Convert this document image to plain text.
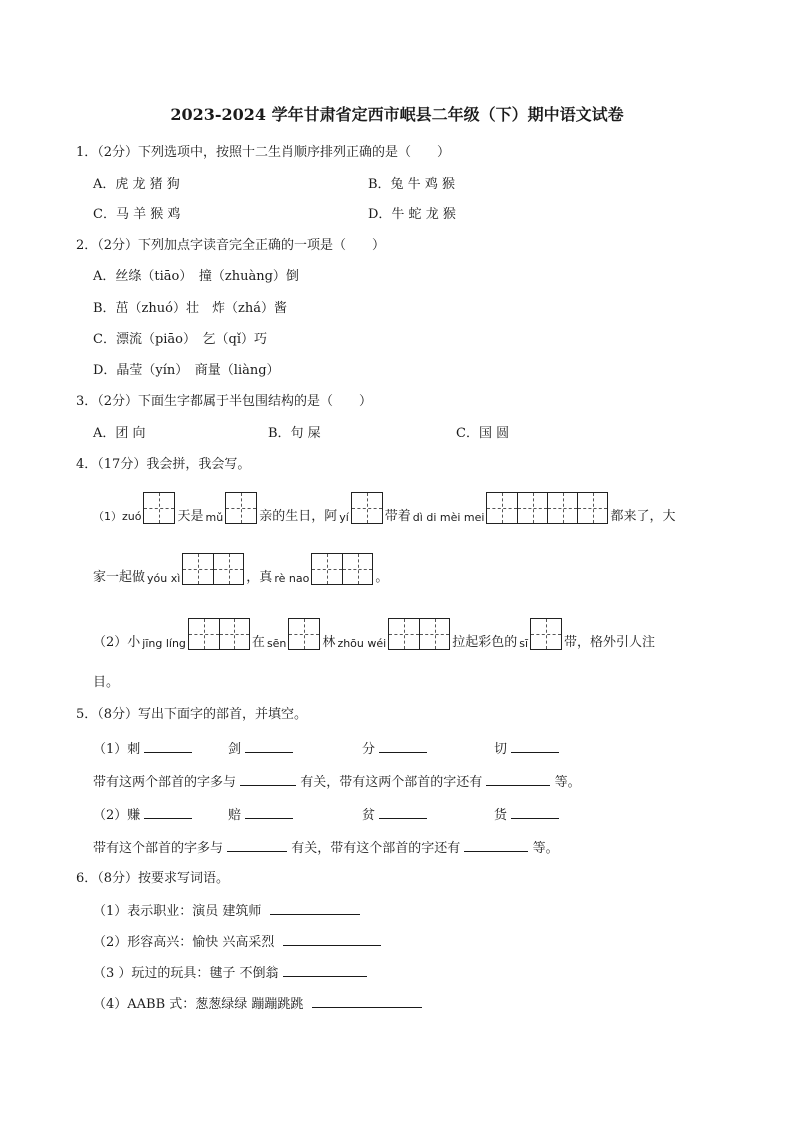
2023-2024 学年甘肃省定西市岷县二年级（下）期中语文试卷
1．（2分）下列选项中，按照十二生肖顺序排列正确的是（　　）
A．虎 龙 猪 狗	B．兔 牛 鸡 猴
C．马 羊 猴 鸡	D．牛 蛇 龙 猴
2．（2分）下列加点字读音完全正确的一项是（　　）
A．丝绦（tiāo）　撞（zhuàng）倒
B．茁（zhuó）壮　炸（zhá）酱
C．漂流（piāo）　乞（qǐ）巧
D．晶莹（yín）　商量（liàng）
3．（2分）下面生字都属于半包围结构的是（　　）
A．团 向	B．句 屎	C．国 圆
4．（17分）我会拼，我会写。
（1）zuó	天是 mǔ	亲的生日，阿 yí	带着 dì di mèi mei	都来了，大
家一起做 yóu xì	，真 rè nao	。
（2）小 jīng líng	在 sēn	林 zhōu wéi	拉起彩色的 sī	带，格外引人注
目。
5．（8分）写出下面字的部首，并填空。
（1）刺	剑	分	切
带有这两个部首的字多与	有关，带有这两个部首的字还有	等。
（2）赚	赔	贫	货
带有这个部首的字多与	有关，带有这个部首的字还有	等。
6．（8分）按要求写词语。
（1）表示职业：演员 建筑师
（2）形容高兴：愉快 兴高采烈
（3 ）玩过的玩具：毽子 不倒翁
（4）AABB 式：葱葱绿绿 蹦蹦跳跳
